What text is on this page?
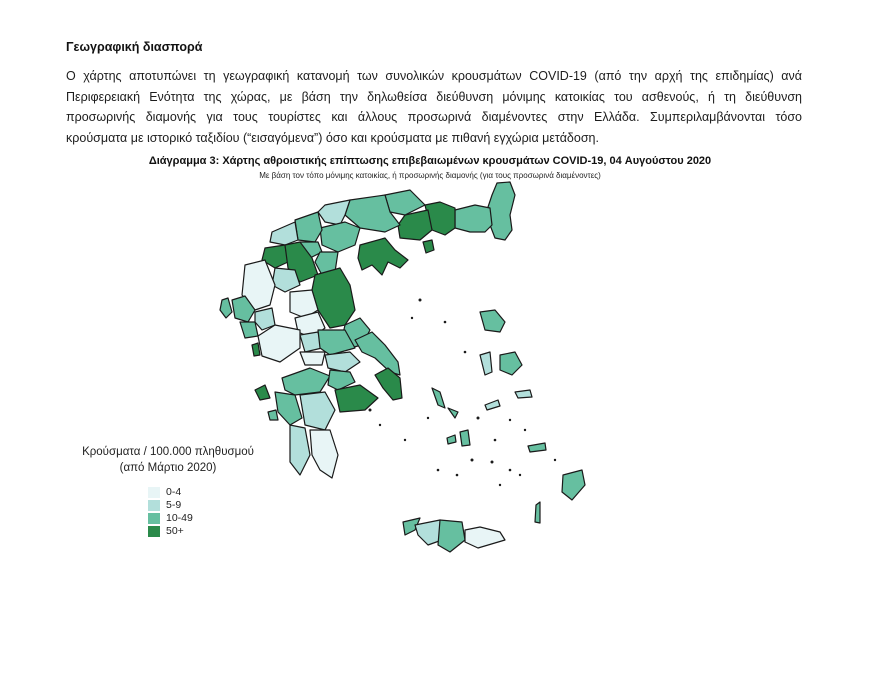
Γεωγραφική διασπορά
Ο χάρτης αποτυπώνει τη γεωγραφική κατανομή των συνολικών κρουσμάτων COVID-19 (από την αρχή της επιδημίας) ανά
Περιφερειακή Ενότητα της χώρας, με βάση την δηλωθείσα διεύθυνση μόνιμης κατοικίας του ασθενούς, ή τη διεύθυνση
προσωρινής διαμονής για τους τουρίστες και άλλους προσωρινά διαμένοντες στην Ελλάδα. Συμπεριλαμβάνονται τόσο
κρούσματα με ιστορικό ταξιδίου (“εισαγόμενα”) όσο και κρούσματα με πιθανή εγχώρια μετάδοση.
Διάγραμμα 3: Χάρτης αθροιστικής επίπτωσης επιβεβαιωμένων κρουσμάτων COVID-19, 04 Αυγούστου 2020
Με βάση τον τόπο μόνιμης κατοικίας, ή προσωρινής διαμονής (για τους προσωρινά διαμένοντες)
Κρούσματα / 100.000 πληθυσμού
(από Μάρτιο 2020)
0-4
5-9
10-49
50+
